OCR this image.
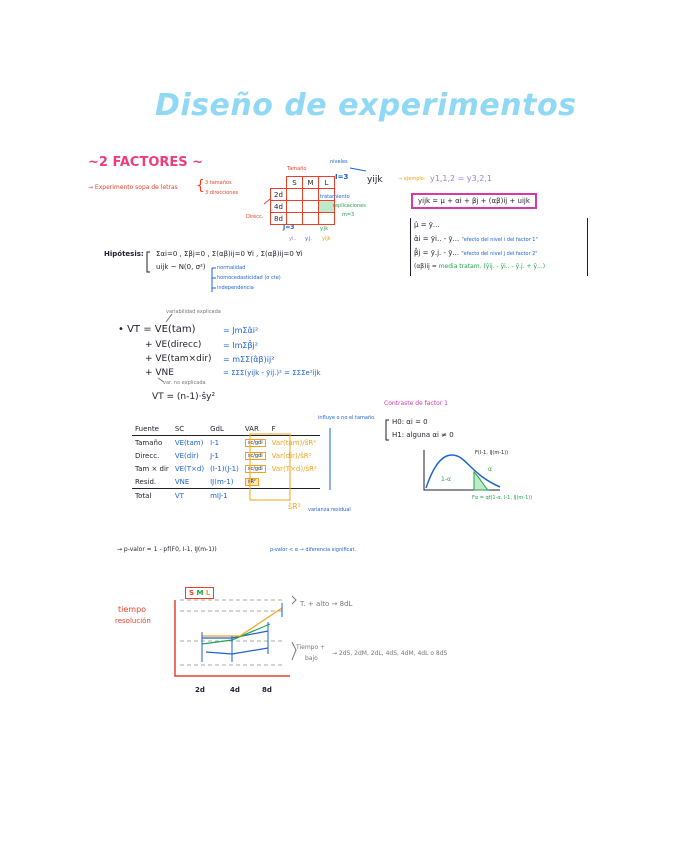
Diseño de experimentos
~2 FACTORES ~
→ Experimento sopa de letras { 3 tamaños
3 direcciones
Tamaño
niveles
I=3 yijk
	S	M	L
2d			
4d			
8d			
Direcc.
J=3
tratamiento
replicaciones
m=3
yi.. y.j.
y.jk
yijk
→ ejemplo: y1,1,2 = y3,2,1
yijk = μ + αi + βj + (αβ)ij + uijk
μ̂ = ȳ...
α̂i = ȳi.. - ȳ... "efecto del nivel i del factor 1"
β̂j = ȳ.j. - ȳ... "efecto del nivel j del factor 2"
(αβ)ij = media tratam. (ȳij. - ȳi.. - ȳ.j. + ȳ...)
Hipótesis: Σαi=0 , Σβj=0 , Σ(αβ)ij=0 ∀i , Σ(αβ)ij=0 ∀i
uijk ~ N(0, σ²) normalidad
homocedasticidad (σ cte)
independencia
variabilidad explicada
• VT = VE(tam)	= JmΣα̂i²
+ VE(direcc)	= ImΣβ̂j²
+ VE(tam×dir) = mΣΣ(α̂β)ij²
+ VNE	= ΣΣΣ(yijk - ȳij.)² = ΣΣΣe²ijk
var. no explicada
VT = (n-1)·ŝy²
Fuente	SC	GdL	VAR	F
Tamaño	VE(tam)	I-1	sc/gdl	Var(tam)/ŝR²
Direcc.	VE(dir)	J-1	sc/gdl	Var(dir)/ŝR²
Tam × dir	VE(T×d)	(I-1)(J-1)	sc/gdl	Var(T×d)/ŝR²
Resid.	VNE	IJ(m-1)	ŝR²	
Total	VT	mIJ-1		
influye o no el tamaño
ŝR² varianza residual
Contraste de factor 1
H0: αi = 0
H1: alguna αi ≠ 0
F(I-1, IJ(m-1))
1-α
α
Fα = qf(1-α, I-1, IJ(m-1))
→ p-valor = 1 - pf(F0, I-1, IJ(m-1))	p-valor < α → diferencia significat.
S M L
tiempo
resolución
2d	4d	8d
T. + alto → 8dL
Tiempo +
bajo
→ 2dS, 2dM, 2dL, 4dS, 4dM, 4dL o 8dS
